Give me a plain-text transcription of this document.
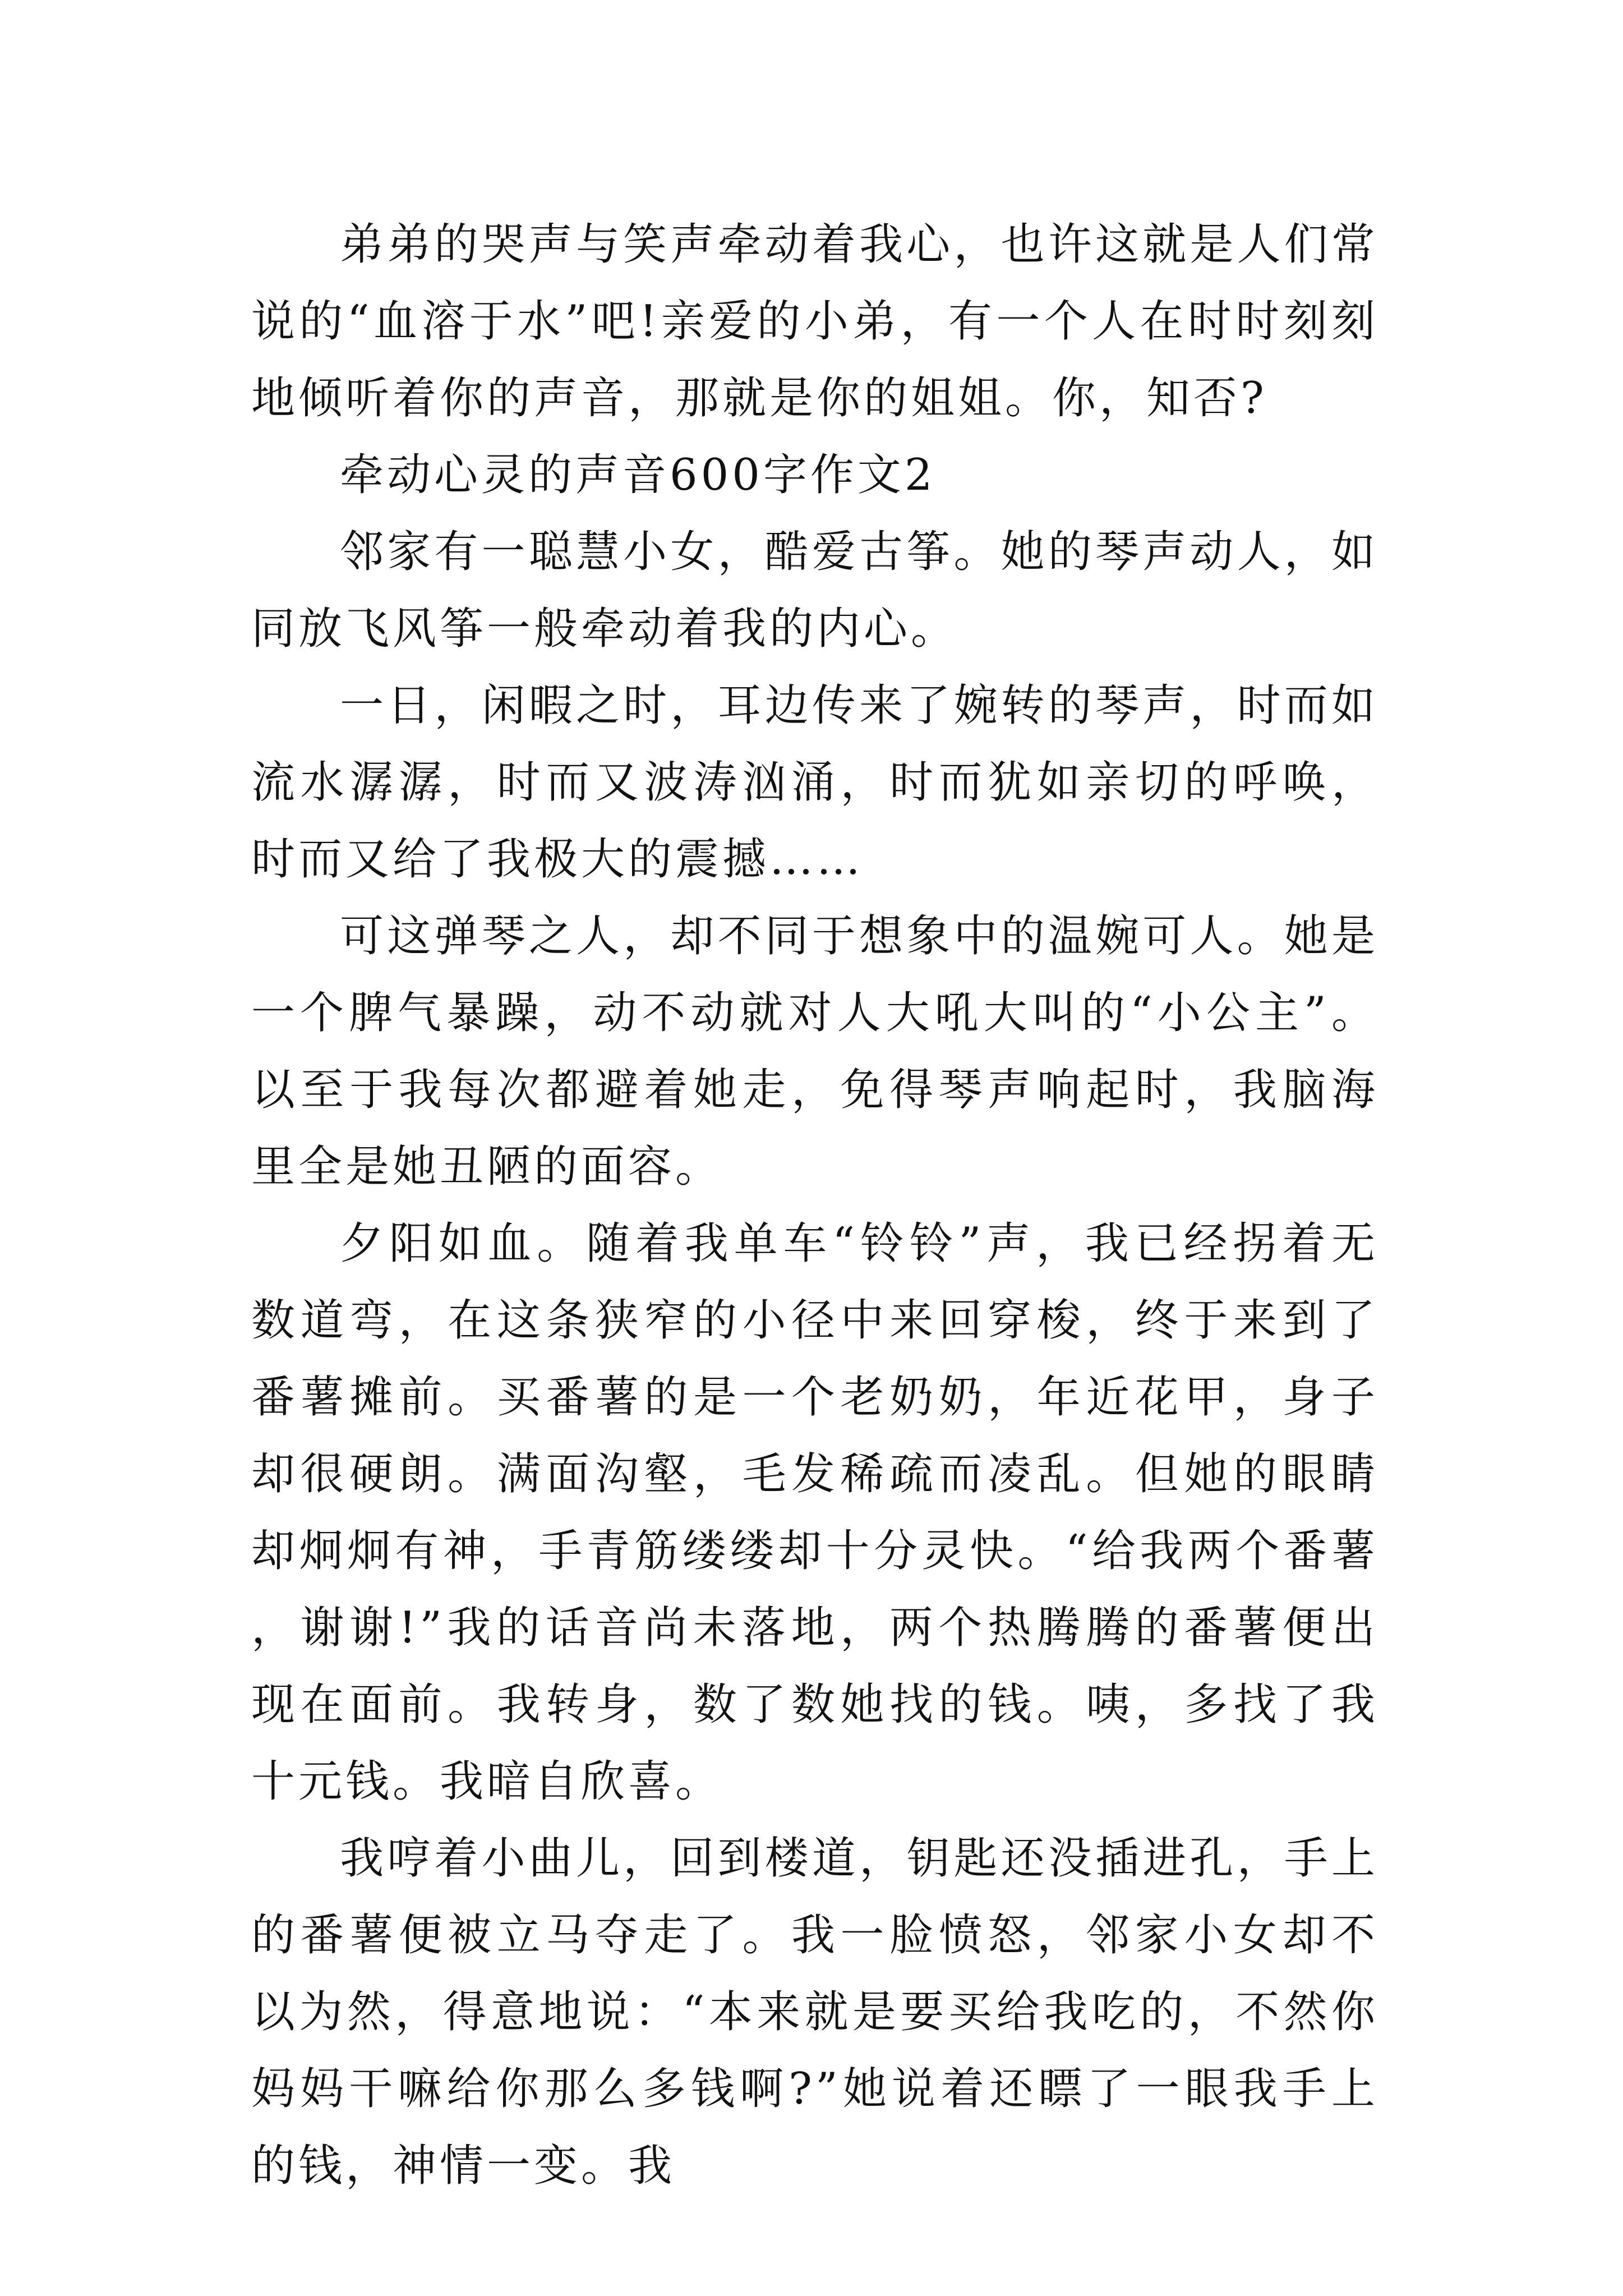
弟弟的哭声与笑声牵动着我心，也许这就是人们常说的“血溶于水”吧!亲爱的小弟，有一个人在时时刻刻地倾听着你的声音，那就是你的姐姐。你，知否?

牵动心灵的声音600字作文2

邻家有一聪慧小女，酷爱古筝。她的琴声动人，如同放飞风筝一般牵动着我的内心。

一日，闲暇之时，耳边传来了婉转的琴声，时而如流水潺潺，时而又波涛汹涌，时而犹如亲切的呼唤，时而又给了我极大的震撼……

可这弹琴之人，却不同于想象中的温婉可人。她是一个脾气暴躁，动不动就对人大吼大叫的“小公主”。以至于我每次都避着她走，免得琴声响起时，我脑海里全是她丑陋的面容。

夕阳如血。随着我单车“铃铃”声，我已经拐着无数道弯，在这条狭窄的小径中来回穿梭，终于来到了番薯摊前。买番薯的是一个老奶奶，年近花甲，身子却很硬朗。满面沟壑，毛发稀疏而凌乱。但她的眼睛却炯炯有神，手青筋缕缕却十分灵快。“给我两个番薯，谢谢!”我的话音尚未落地，两个热腾腾的番薯便出现在面前。我转身，数了数她找的钱。咦，多找了我十元钱。我暗自欣喜。

我哼着小曲儿，回到楼道，钥匙还没插进孔，手上的番薯便被立马夺走了。我一脸愤怒，邻家小女却不以为然，得意地说：“本来就是要买给我吃的，不然你妈妈干嘛给你那么多钱啊?”她说着还瞟了一眼我手上的钱，神情一变。我
